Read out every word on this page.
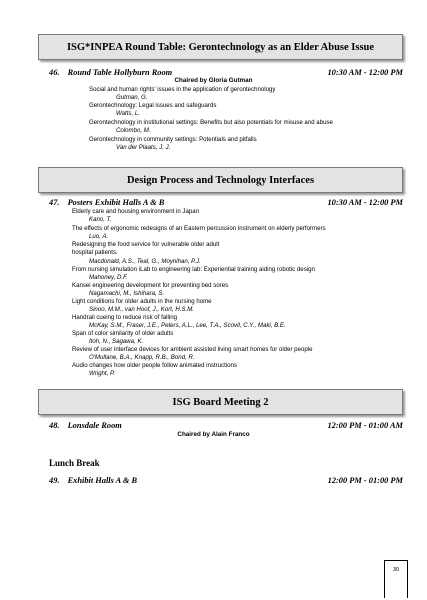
ISG*INPEA Round Table: Gerontechnology as an Elder Abuse Issue
46. Round Table Hollyburn Room	10:30 AM - 12:00 PM
Chaired by Gloria Gutman
Social and human rights' issues in the application of gerontechnology
Gutman, G.
Gerontechnology: Legal issues and safeguards
Watts, L.
Gerontechnology in institutional settings: Benefits but also potentials for misuse and abuse
Colombo, M.
Gerontechnology in community settings: Potentials and pitfalls
Van der Plaats, J. J.
Design Process and Technology Interfaces
47. Posters Exhibit Halls A & B	10:30 AM - 12:00 PM
Elderly care and housing environment in Japan
Kano, T.
The effects of ergonomic redesigns of an Eastern percussion instrument on elderly performers
Luo, A.
Redesigning the food service for vulnerable older adult
hospital patients.
Macdonald, A.S., Teal, G., Moynihan, P.J.
From nursing simulation iLab to engineering lab: Experiential training aiding robotic design
Mahoney, D.F.
Kansei engineering development for preventing bed sores
Nagamachi, M., Ishihara, S.
Light conditions for older adults in the nursing home
Sinoo, M.M., van Hoof, J., Kort, H.S.M.
Handrail cueing to reduce risk of falling
McKay, S.M., Fraser, J.E., Peters, A.L., Lee, T.A., Scovil, C.Y., Maki, B.E.
Span of color similarity of older adults
Itoh, N., Sagawa, K.
Review of user interface devices for ambient assisted living smart homes for older people
O'Mullane, B.A., Knapp, R.B., Bond, R.
Audio changes how older people follow animated instructions
Wright, P.
ISG Board Meeting 2
48. Lonsdale Room	12:00 PM - 01:00 AM
Chaired by Alain Franco
Lunch Break
49. Exhibit Halls A & B	12:00 PM - 01:00 PM
30
